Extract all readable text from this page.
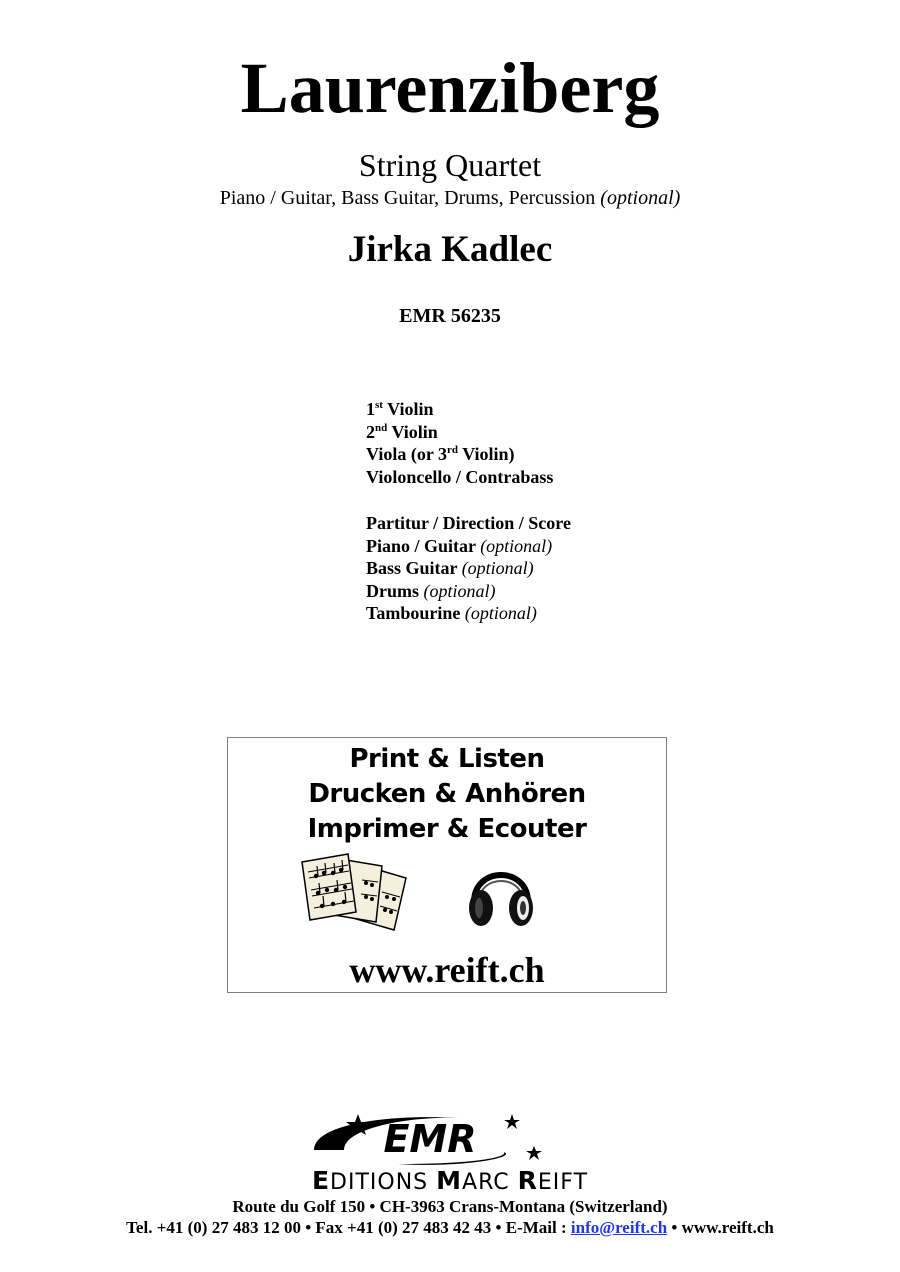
Laurenziberg
String Quartet
Piano / Guitar, Bass Guitar, Drums, Percussion (optional)
Jirka Kadlec
EMR 56235
1st Violin
2nd Violin
Viola (or 3rd Violin)
Violoncello / Contrabass
Partitur / Direction / Score
Piano / Guitar (optional)
Bass Guitar (optional)
Drums (optional)
Tambourine (optional)
Print & Listen
Drucken & Anhören
Imprimer & Ecouter
www.reift.ch
EMR
EDITIONS MARC REIFT
Route du Golf 150 • CH-3963 Crans-Montana (Switzerland)
Tel. +41 (0) 27 483 12 00 • Fax +41 (0) 27 483 42 43 • E-Mail : info@reift.ch • www.reift.ch
